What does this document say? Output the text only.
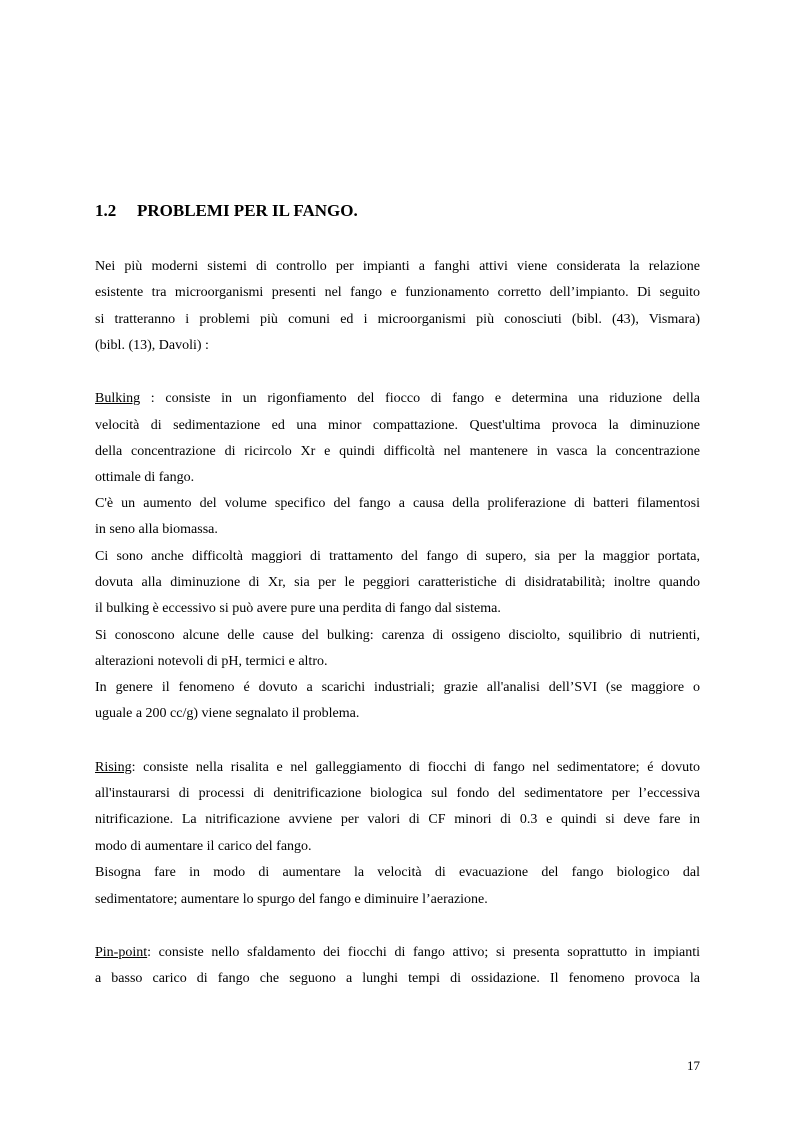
1.2 PROBLEMI PER IL FANGO.
Nei più moderni sistemi di controllo per impianti a fanghi attivi viene considerata la relazione
esistente tra microorganismi presenti nel fango e funzionamento corretto dell’impianto. Di seguito
si tratteranno i problemi più comuni ed i microorganismi più conosciuti (bibl. (43), Vismara)
(bibl. (13), Davoli) :
Bulking : consiste in un rigonfiamento del fiocco di fango e determina una riduzione della
velocità di sedimentazione ed una minor compattazione. Quest'ultima provoca la diminuzione
della concentrazione di ricircolo Xr e quindi difficoltà nel mantenere in vasca la concentrazione
ottimale di fango.
C'è un aumento del volume specifico del fango a causa della proliferazione di batteri filamentosi
in seno alla biomassa.
Ci sono anche difficoltà maggiori di trattamento del fango di supero, sia per la maggior portata,
dovuta alla diminuzione di Xr, sia per le peggiori caratteristiche di disidratabilità; inoltre quando
il bulking è eccessivo si può avere pure una perdita di fango dal sistema.
Si conoscono alcune delle cause del bulking: carenza di ossigeno disciolto, squilibrio di nutrienti,
alterazioni notevoli di pH, termici e altro.
In genere il fenomeno é dovuto a scarichi industriali; grazie all'analisi dell’SVI (se maggiore o
uguale a 200 cc/g) viene segnalato il problema.
Rising: consiste nella risalita e nel galleggiamento di fiocchi di fango nel sedimentatore; é dovuto
all'instaurarsi di processi di denitrificazione biologica sul fondo del sedimentatore per l’eccessiva
nitrificazione. La nitrificazione avviene per valori di CF minori di 0.3 e quindi si deve fare in
modo di aumentare il carico del fango.
Bisogna fare in modo di aumentare la velocità di evacuazione del fango biologico dal
sedimentatore; aumentare lo spurgo del fango e diminuire l’aerazione.
Pin-point: consiste nello sfaldamento dei fiocchi di fango attivo; si presenta soprattutto in impianti
a basso carico di fango che seguono a lunghi tempi di ossidazione. Il fenomeno provoca la
17
